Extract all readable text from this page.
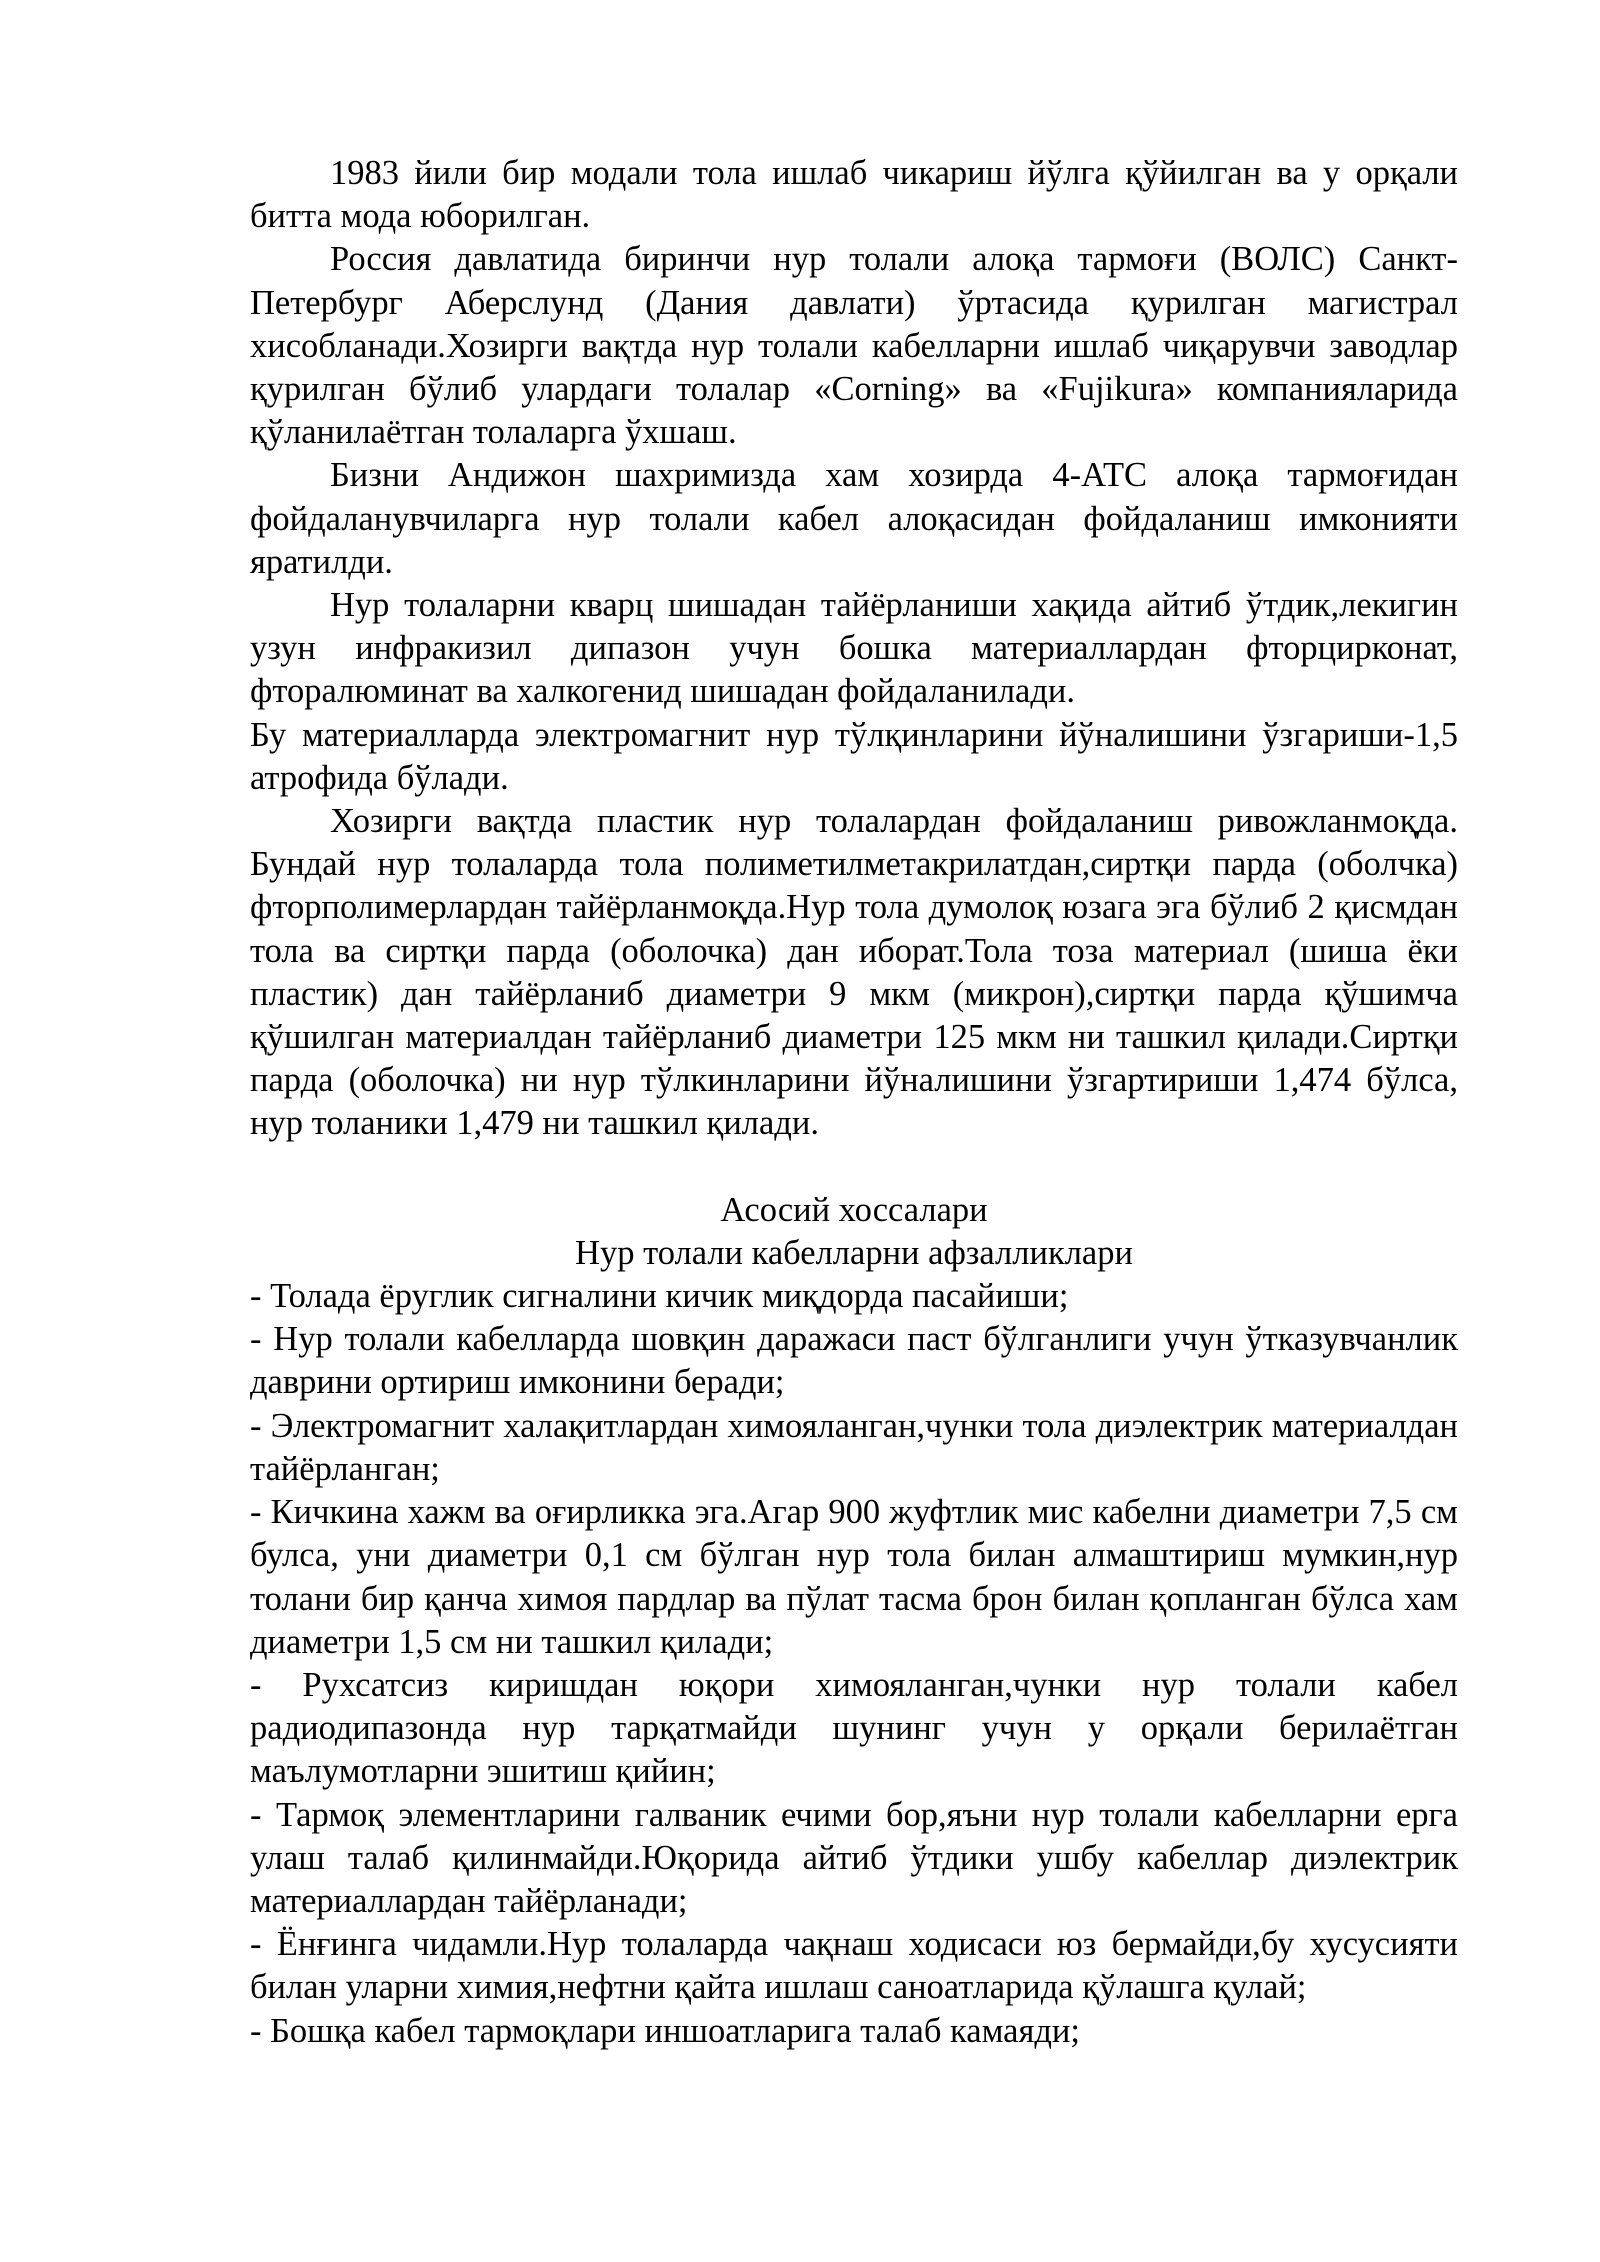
1983 йили бир модали тола ишлаб чикариш йўлга қўйилган ва у орқали битта мода юборилган.

Россия давлатида биринчи нур толали алоқа тармоғи (ВОЛС) Санкт-Петербург Аберслунд (Дания давлати) ўртасида қурилган магистрал хисобланади.Хозирги вақтда нур толали кабелларни ишлаб чиқарувчи заводлар қурилган бўлиб улардаги толалар «Corning» ва «Fujikura» компанияларида қўланилаётган толаларга ўхшаш.

Бизни Андижон шахримизда хам хозирда 4-АТС алоқа тармоғидан фойдаланувчиларга нур толали кабел алоқасидан фойдаланиш имконияти яратилди.

Нур толаларни кварц шишадан тайёрланиши хақида айтиб ўтдик,лекигин узун инфракизил дипазон учун бошка материаллардан фторцирконат, фторалюминат ва халкогенид шишадан фойдаланилади.

Бу материалларда электромагнит нур тўлқинларини йўналишини ўзгариши-1,5 атрофида бўлади.

Хозирги вақтда пластик нур толалардан фойдаланиш ривожланмоқда. Бундай нур толаларда тола полиметилметакрилатдан,сиртқи парда (оболчка) фторполимерлардан тайёрланмоқда.Нур тола думолоқ юзага эга бўлиб 2 қисмдан тола ва сиртқи парда (оболочка) дан иборат.Тола тоза материал (шиша ёки пластик) дан тайёрланиб диаметри 9 мкм (микрон),сиртқи парда қўшимча қўшилган материалдан тайёрланиб диаметри 125 мкм ни ташкил қилади.Сиртқи парда (оболочка) ни нур тўлкинларини йўналишини ўзгартириши 1,474 бўлса, нур толаники 1,479 ни ташкил қилади.

Асосий хоссалари

Нур толали кабелларни афзалликлари

- Толада ёруглик сигналини кичик миқдорда пасайиши;

- Нур толали кабелларда шовқин даражаси паст бўлганлиги учун ўтказувчанлик даврини ортириш имконини беради;

- Электромагнит халақитлардан химояланган,чунки тола диэлектрик материалдан тайёрланган;

- Кичкина хажм ва оғирликка эга.Агар 900 жуфтлик мис кабелни диаметри 7,5 см булса, уни диаметри 0,1 см бўлган нур тола билан алмаштириш мумкин,нур толани бир қанча химоя пардлар ва пўлат тасма брон билан қопланган бўлса хам диаметри 1,5 см ни ташкил қилади;

- Рухсатсиз киришдан юқори химояланган,чунки нур толали кабел радиодипазонда нур тарқатмайди шунинг учун у орқали берилаётган маълумотларни эшитиш қийин;

- Тармоқ элементларини галваник ечими бор,яъни нур толали кабелларни ерга улаш талаб қилинмайди.Юқорида айтиб ўтдики ушбу кабеллар диэлектрик материаллардан тайёрланади;

- Ёнғинга чидамли.Нур толаларда чақнаш ходисаси юз бермайди,бу хусусияти билан уларни химия,нефтни қайта ишлаш саноатларида қўлашга қулай;

- Бошқа кабел тармоқлари иншоатларига талаб камаяди;
